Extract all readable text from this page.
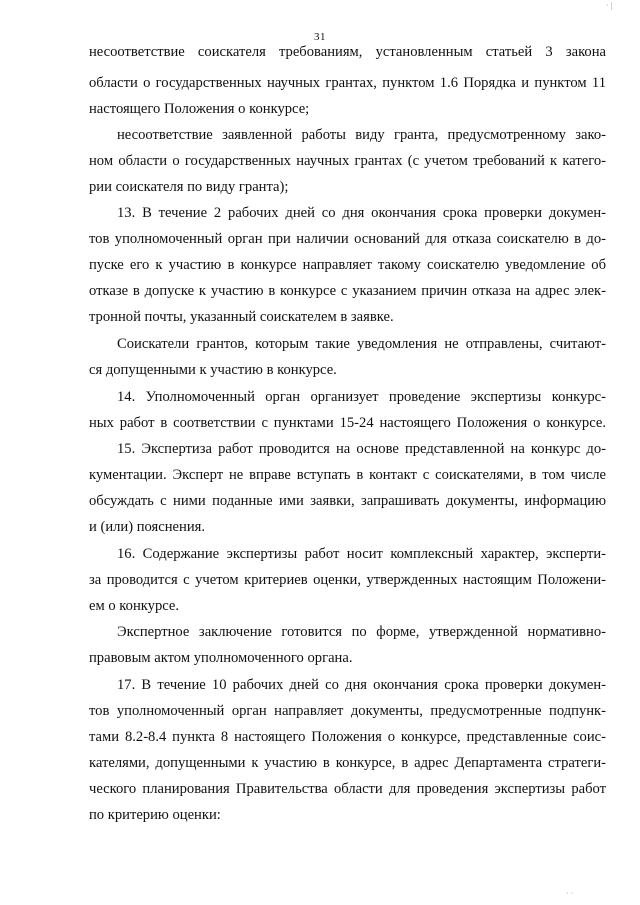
31
несоответствие соискателя требованиям, установленным статьей 3 закона
области о государственных научных грантах, пунктом 1.6 Порядка и пунктом 11
настоящего Положения о конкурсе;
несоответствие заявленной работы виду гранта, предусмотренному зако-
ном области о государственных научных грантах (с учетом требований к катего-
рии соискателя по виду гранта);
13. В течение 2 рабочих дней со дня окончания срока проверки докумен-
тов уполномоченный орган при наличии оснований для отказа соискателю в до-
пуске его к участию в конкурсе направляет такому соискателю уведомление об
отказе в допуске к участию в конкурсе с указанием причин отказа на адрес элек-
тронной почты, указанный соискателем в заявке.
Соискатели грантов, которым такие уведомления не отправлены, считают-
ся допущенными к участию в конкурсе.
14. Уполномоченный орган организует проведение экспертизы конкурс-
ных работ в соответствии с пунктами 15-24 настоящего Положения о конкурсе.
15. Экспертиза работ проводится на основе представленной на конкурс до-
кументации. Эксперт не вправе вступать в контакт с соискателями, в том числе
обсуждать с ними поданные ими заявки, запрашивать документы, информацию
и (или) пояснения.
16. Содержание экспертизы работ носит комплексный характер, эксперти-
за проводится с учетом критериев оценки, утвержденных настоящим Положени-
ем о конкурсе.
Экспертное заключение готовится по форме, утвержденной нормативно-
правовым актом уполномоченного органа.
17. В течение 10 рабочих дней со дня окончания срока проверки докумен-
тов уполномоченный орган направляет документы, предусмотренные подпунк-
тами 8.2-8.4 пункта 8 настоящего Положения о конкурсе, представленные соис-
кателями, допущенными к участию в конкурсе, в адрес Департамента стратеги-
ческого планирования Правительства области для проведения экспертизы работ
по критерию оценки:
· |
· ·
